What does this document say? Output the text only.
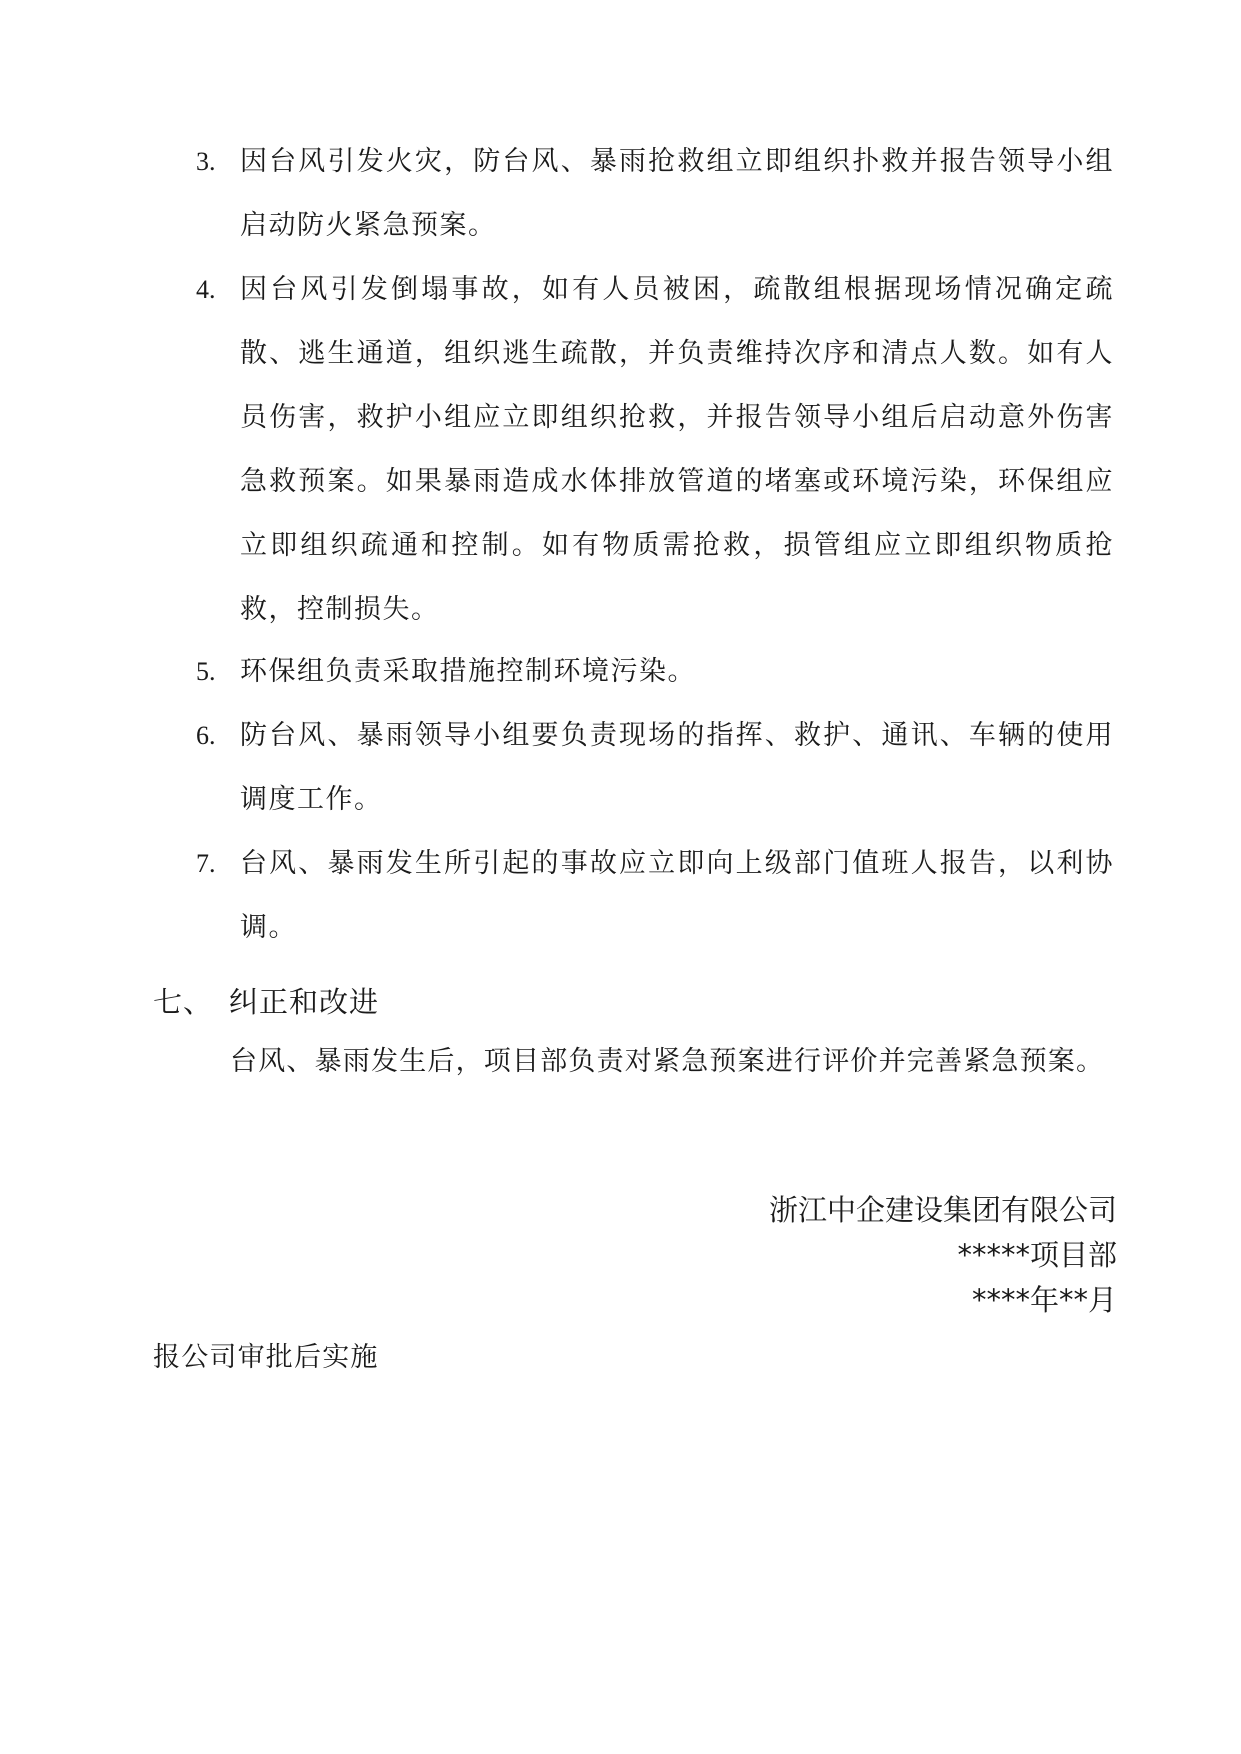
3. 因台风引发火灾，防台风、暴雨抢救组立即组织扑救并报告领导小组启动防火紧急预案。
4. 因台风引发倒塌事故，如有人员被困，疏散组根据现场情况确定疏散、逃生通道，组织逃生疏散，并负责维持次序和清点人数。如有人员伤害，救护小组应立即组织抢救，并报告领导小组后启动意外伤害急救预案。如果暴雨造成水体排放管道的堵塞或环境污染，环保组应立即组织疏通和控制。如有物质需抢救，损管组应立即组织物质抢救，控制损失。
5. 环保组负责采取措施控制环境污染。
6. 防台风、暴雨领导小组要负责现场的指挥、救护、通讯、车辆的使用调度工作。
7. 台风、暴雨发生所引起的事故应立即向上级部门值班人报告，以利协调。
七、 纠正和改进
台风、暴雨发生后，项目部负责对紧急预案进行评价并完善紧急预案。
浙江中企建设集团有限公司
*****项目部
****年**月
报公司审批后实施
